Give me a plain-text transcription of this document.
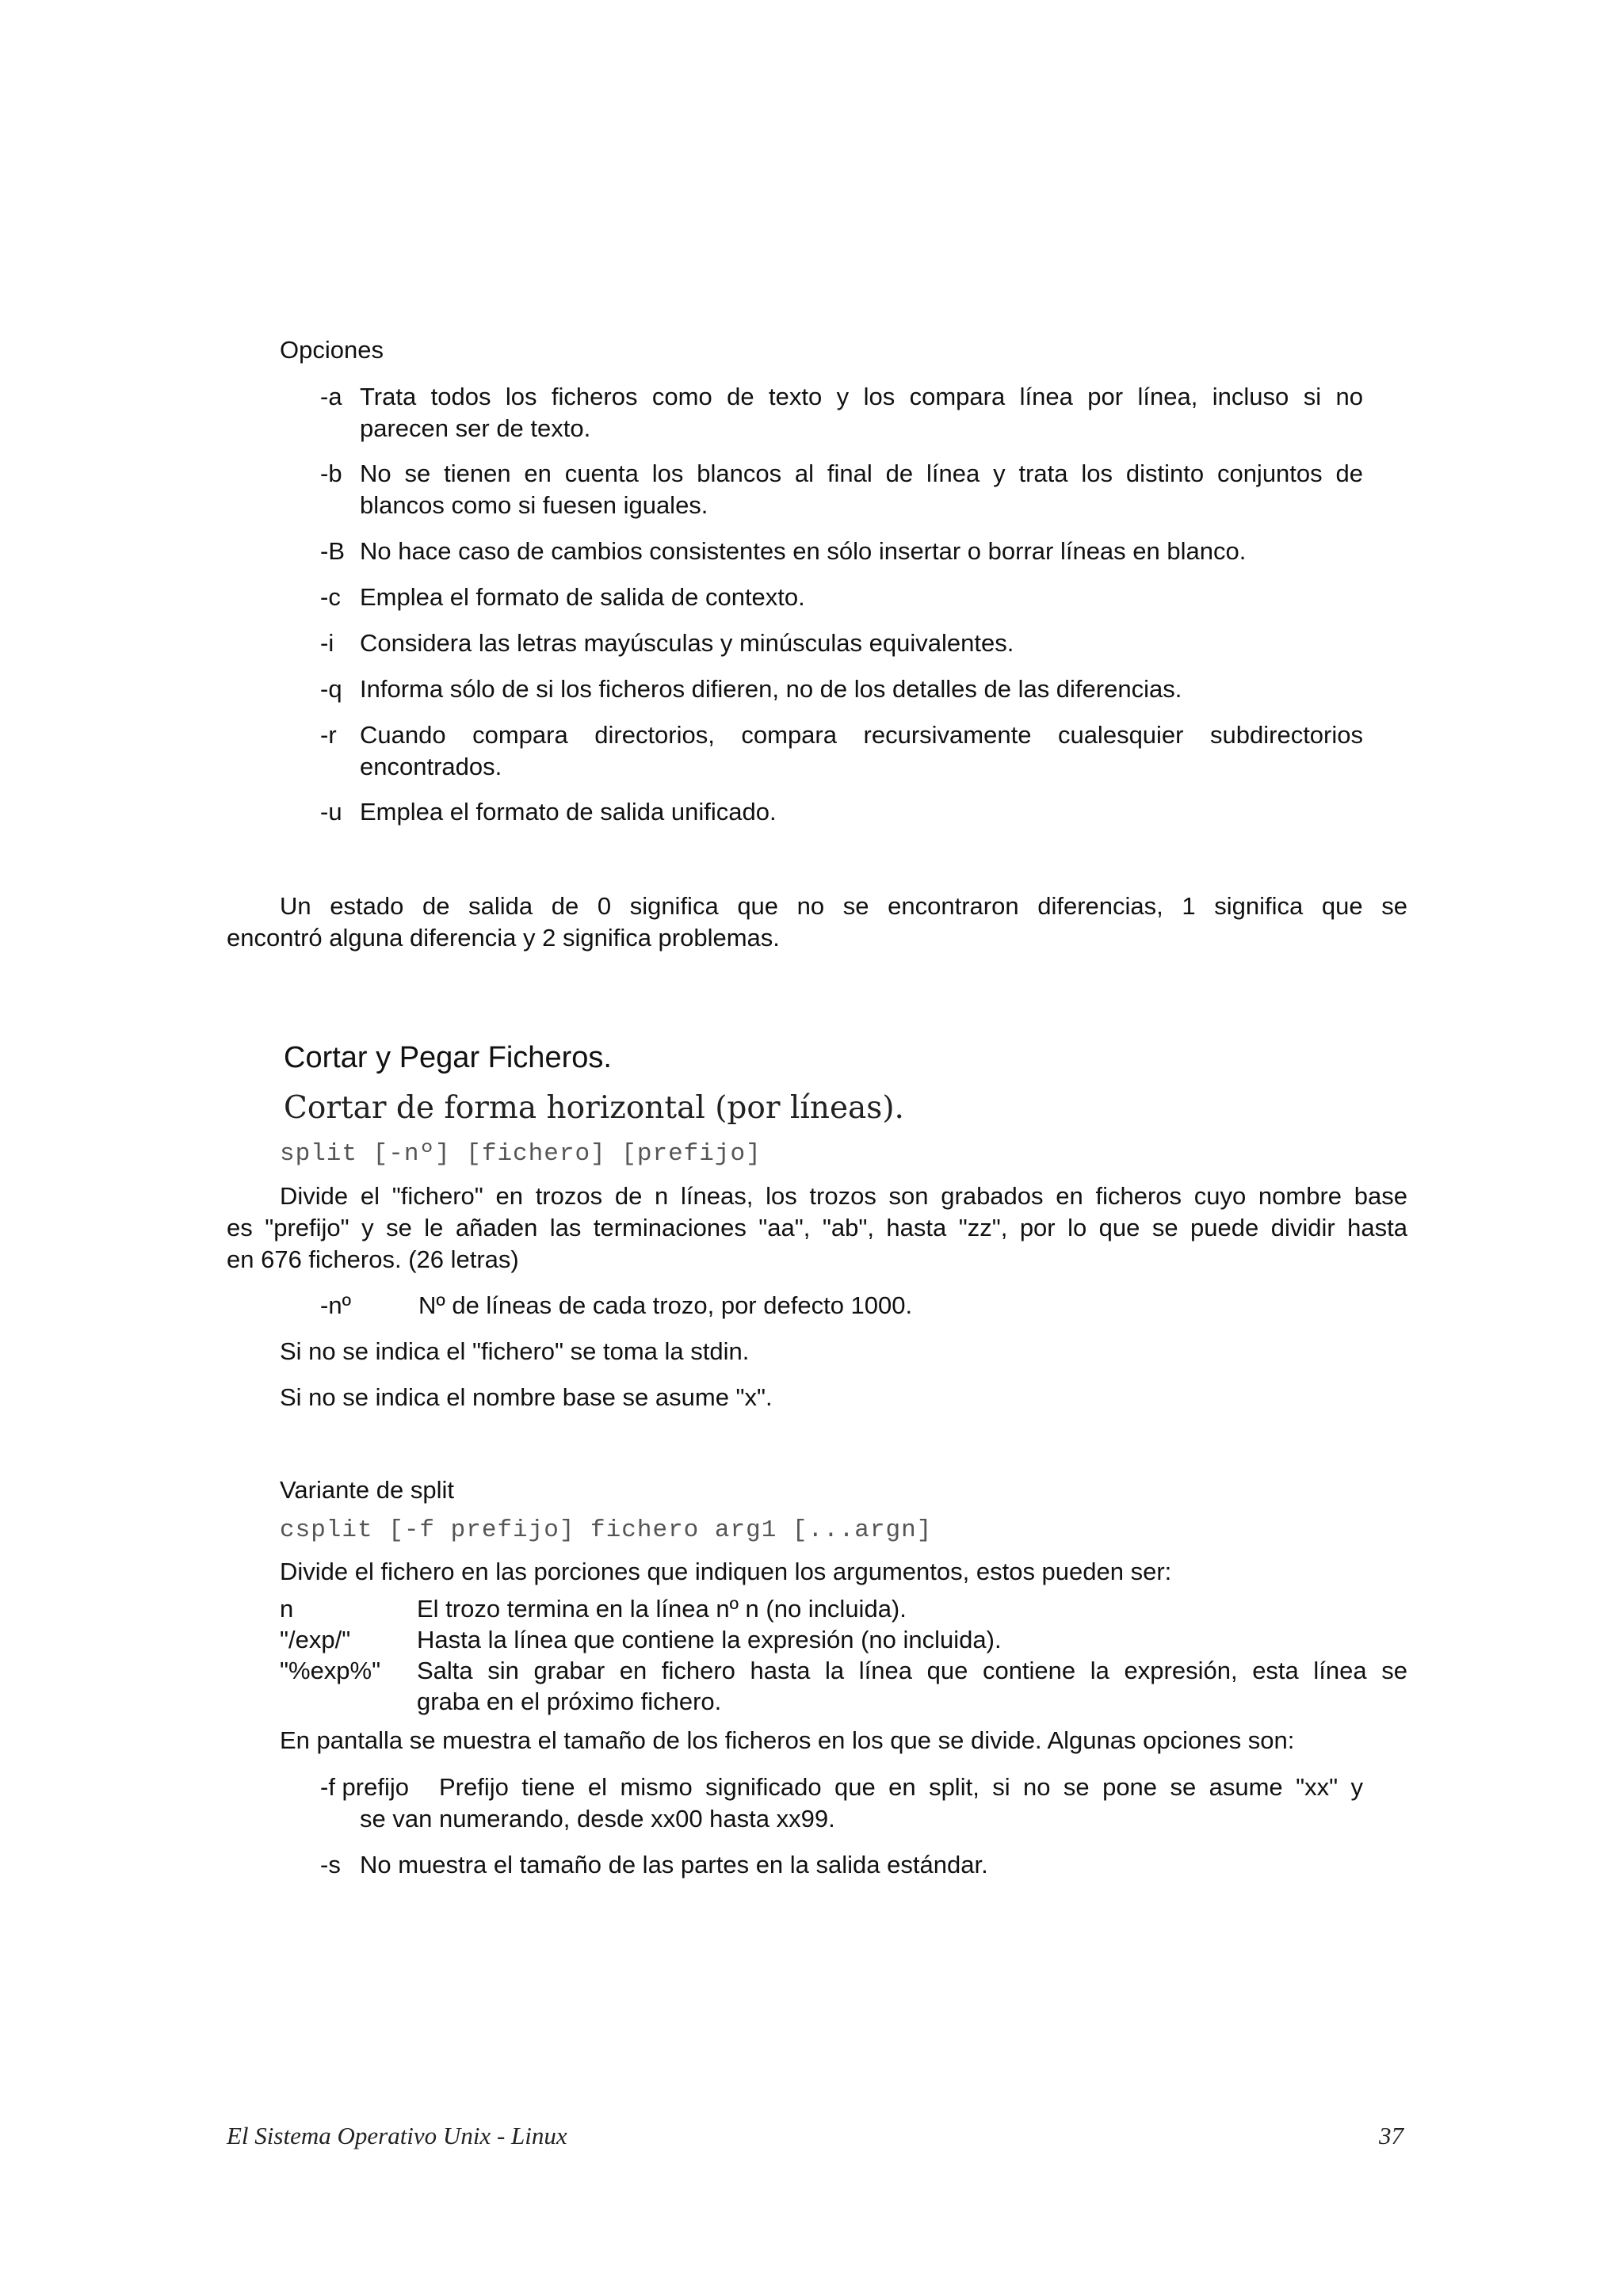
Opciones

-a Trata todos los ficheros como de texto y los compara línea por línea, incluso si no
parecen ser de texto.
-b No se tienen en cuenta los blancos al final de línea y trata los distinto conjuntos de
blancos como si fuesen iguales.
-B No hace caso de cambios consistentes en sólo insertar o borrar líneas en blanco.
-c Emplea el formato de salida de contexto.
-i Considera las letras mayúsculas y minúsculas equivalentes.
-q Informa sólo de si los ficheros difieren, no de los detalles de las diferencias.
-r Cuando compara directorios, compara recursivamente cualesquier subdirectorios
encontrados.
-u Emplea el formato de salida unificado.

Un estado de salida de 0 significa que no se encontraron diferencias, 1 significa que se

encontró alguna diferencia y 2 significa problemas.

Cortar y Pegar Ficheros.

Cortar de forma horizontal (por líneas).

split [-nº] [fichero] [prefijo]

Divide el "fichero" en trozos de n líneas, los trozos son grabados en ficheros cuyo nombre base

es "prefijo" y se le añaden las terminaciones "aa", "ab", hasta "zz", por lo que se puede dividir hasta

en 676 ficheros. (26 letras)

-nº	Nº de líneas de cada trozo, por defecto 1000.

Si no se indica el "fichero" se toma la stdin.

Si no se indica el nombre base se asume "x".

Variante de split

csplit [-f prefijo] fichero arg1 [...argn]

Divide el fichero en las porciones que indiquen los argumentos, estos pueden ser:

n	El trozo termina en la línea nº n (no incluida).

"/exp/"	Hasta la línea que contiene la expresión (no incluida).

"%exp%" Salta sin grabar en fichero hasta la línea que contiene la expresión, esta línea se

graba en el próximo fichero.

En pantalla se muestra el tamaño de los ficheros en los que se divide. Algunas opciones son:

-f prefijo Prefijo tiene el mismo significado que en split, si no se pone se asume "xx" y
se van numerando, desde xx00 hasta xx99.
-s No muestra el tamaño de las partes en la salida estándar.

El Sistema Operativo Unix - Linux	37
